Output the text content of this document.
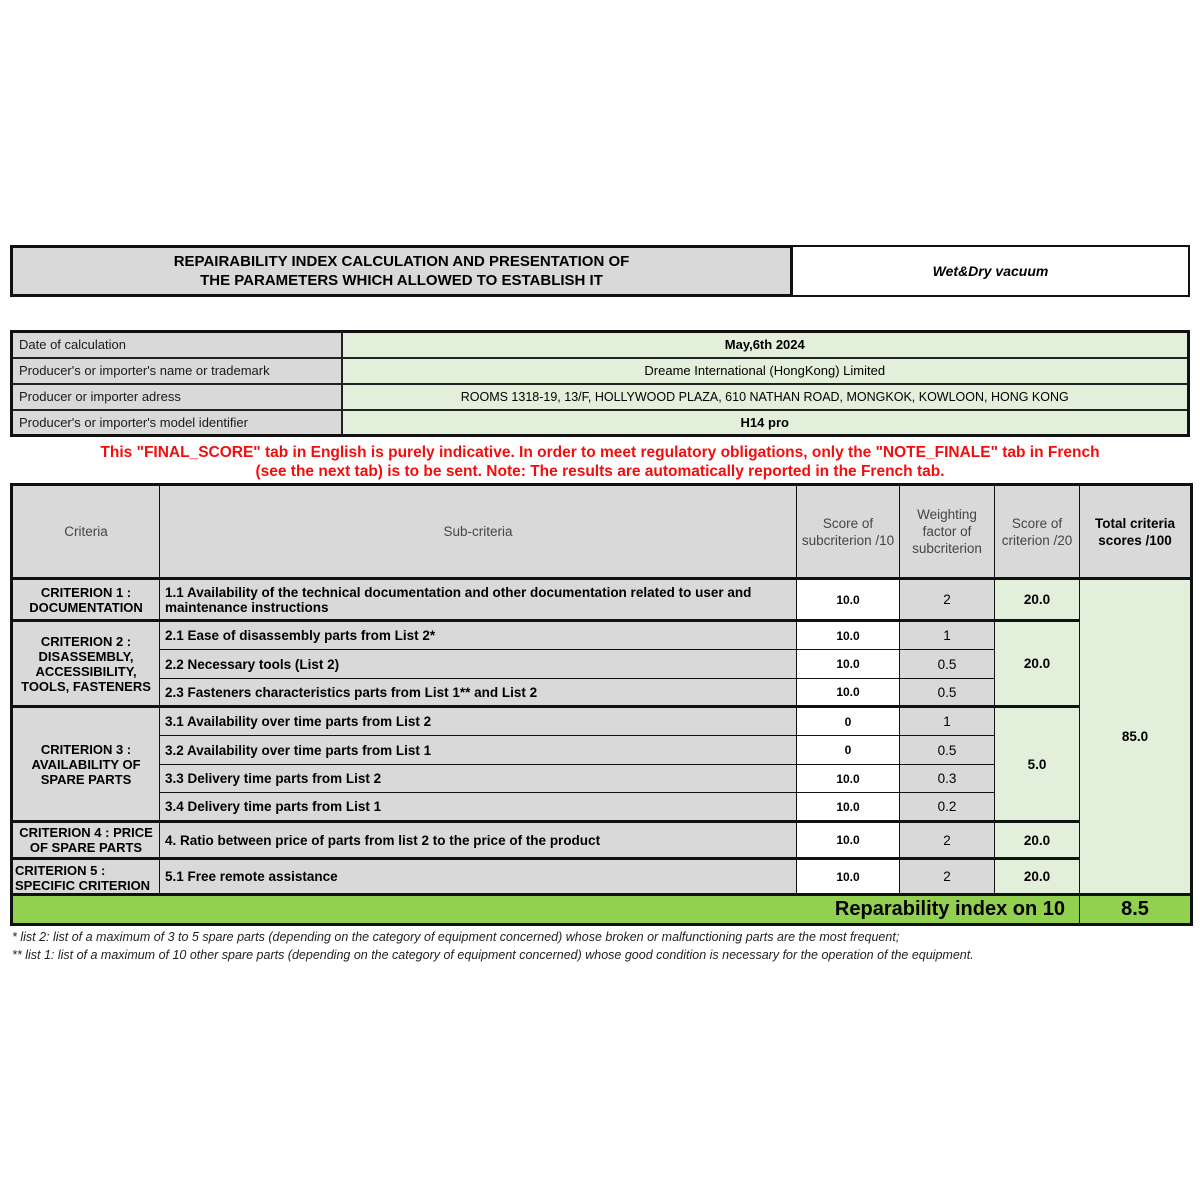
REPAIRABILITY INDEX CALCULATION AND PRESENTATION OF
THE PARAMETERS WHICH ALLOWED TO ESTABLISH IT
Wet&Dry vacuum
Date of calculation	May,6th 2024
Producer's or importer's name or trademark	Dreame International (HongKong) Limited
Producer or importer adress	ROOMS 1318-19, 13/F, HOLLYWOOD PLAZA, 610 NATHAN ROAD, MONGKOK, KOWLOON, HONG KONG
Producer's or importer's model identifier	H14 pro
This "FINAL_SCORE" tab in English is purely indicative. In order to meet regulatory obligations, only the "NOTE_FINALE" tab in French
(see the next tab) is to be sent. Note: The results are automatically reported in the French tab.
Criteria	Sub-criteria	Score of subcriterion /10	Weighting factor of subcriterion	Score of criterion /20	Total criteria scores /100
CRITERION 1 : DOCUMENTATION	1.1 Availability of the technical documentation and other documentation related to user and maintenance instructions	10.0	2	20.0	85.0
CRITERION 2 : DISASSEMBLY, ACCESSIBILITY, TOOLS, FASTENERS	2.1 Ease of disassembly parts from List 2*	10.0	1	20.0	
	2.2 Necessary tools (List 2)	10.0	0.5		
	2.3 Fasteners characteristics parts from List 1** and List 2	10.0	0.5		
CRITERION 3 : AVAILABILITY OF SPARE PARTS	3.1 Availability over time parts from List 2	0	1	5.0	
	3.2 Availability over time parts from List 1	0	0.5		
	3.3 Delivery time parts from List 2	10.0	0.3		
	3.4 Delivery time parts from List 1	10.0	0.2		
CRITERION 4 : PRICE OF SPARE PARTS	4. Ratio between price of parts from list 2 to the price of the product	10.0	2	20.0	
CRITERION 5 : SPECIFIC CRITERION	5.1 Free remote assistance	10.0	2	20.0	
Reparability index on 10					8.5
* list 2: list of a maximum of 3 to 5 spare parts (depending on the category of equipment concerned) whose broken or malfunctioning parts are the most frequent;
** list 1: list of a maximum of 10 other spare parts (depending on the category of equipment concerned) whose good condition is necessary for the operation of the equipment.
